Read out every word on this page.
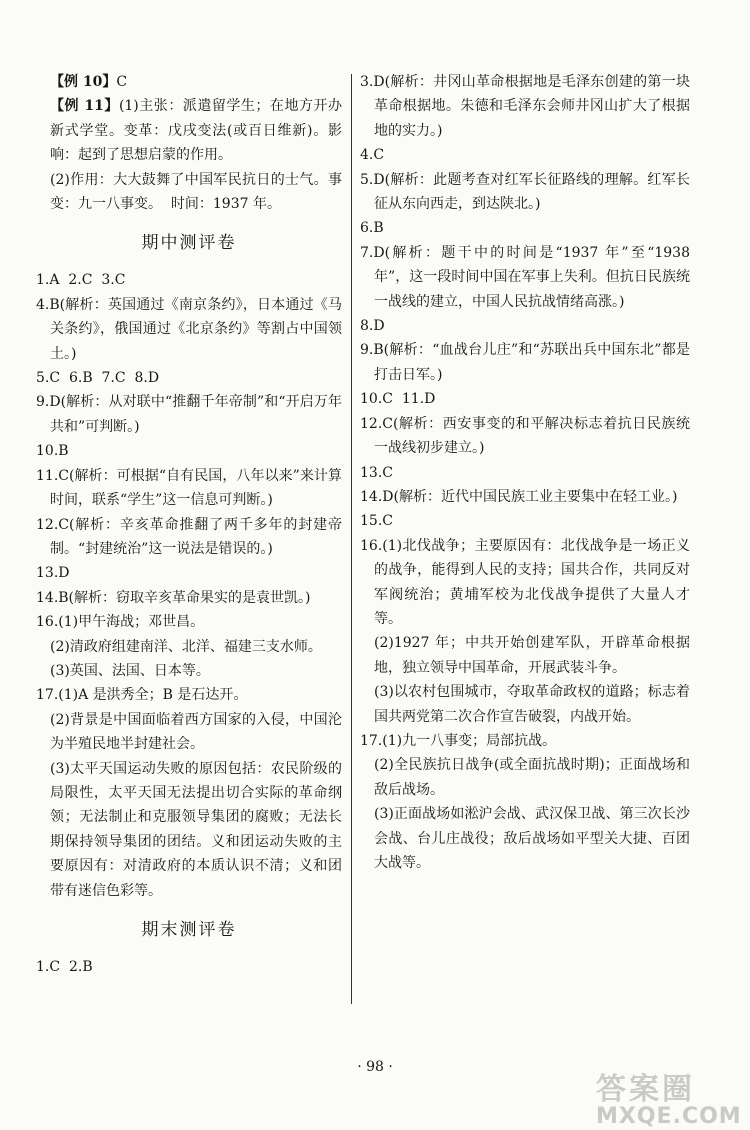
【例 10】C

【例 11】(1)主张：派遣留学生；在地方开办新式学堂。变革：戊戌变法(或百日维新)。影响：起到了思想启蒙的作用。

(2)作用：大大鼓舞了中国军民抗日的士气。事变：九一八事变。  时间：1937 年。

期中测评卷

1.A  2.C  3.C

4.B(解析：英国通过《南京条约》，日本通过《马关条约》，俄国通过《北京条约》等割占中国领土。)

5.C  6.B  7.C  8.D

9.D(解析：从对联中“推翻千年帝制”和“开启万年共和”可判断。)

10.B

11.C(解析：可根据“自有民国，八年以来”来计算时间，联系“学生”这一信息可判断。)

12.C(解析：辛亥革命推翻了两千多年的封建帝制。“封建统治”这一说法是错误的。)

13.D

14.B(解析：窃取辛亥革命果实的是袁世凯。)

16.(1)甲午海战；邓世昌。

(2)清政府组建南洋、北洋、福建三支水师。

(3)英国、法国、日本等。

17.(1)A 是洪秀全；B 是石达开。

(2)背景是中国面临着西方国家的入侵，中国沦为半殖民地半封建社会。

(3)太平天国运动失败的原因包括：农民阶级的局限性，太平天国无法提出切合实际的革命纲领；无法制止和克服领导集团的腐败；无法长期保持领导集团的团结。义和团运动失败的主要原因有：对清政府的本质认识不清；义和团带有迷信色彩等。

期末测评卷

1.C  2.B

3.D(解析：井冈山革命根据地是毛泽东创建的第一块革命根据地。朱德和毛泽东会师井冈山扩大了根据地的实力。)

4.C

5.D(解析：此题考查对红军长征路线的理解。红军长征从东向西走，到达陕北。)

6.B

7.D(解析：题干中的时间是“1937 年”至“1938年”，这一段时间中国在军事上失利。但抗日民族统一战线的建立，中国人民抗战情绪高涨。)

8.D

9.B(解析：“血战台儿庄”和“苏联出兵中国东北”都是打击日军。)

10.C  11.D

12.C(解析：西安事变的和平解决标志着抗日民族统一战线初步建立。)

13.C

14.D(解析：近代中国民族工业主要集中在轻工业。)

15.C

16.(1)北伐战争；主要原因有：北伐战争是一场正义的战争，能得到人民的支持；国共合作，共同反对军阀统治；黄埔军校为北伐战争提供了大量人才等。

(2)1927 年；中共开始创建军队，开辟革命根据地，独立领导中国革命，开展武装斗争。

(3)以农村包围城市，夺取革命政权的道路；标志着国共两党第二次合作宣告破裂，内战开始。

17.(1)九一八事变；局部抗战。

(2)全民族抗日战争(或全面抗战时期)；正面战场和敌后战场。

(3)正面战场如淞沪会战、武汉保卫战、第三次长沙会战、台儿庄战役；敌后战场如平型关大捷、百团大战等。

· 98 ·
答案圈
MXQE.COM
